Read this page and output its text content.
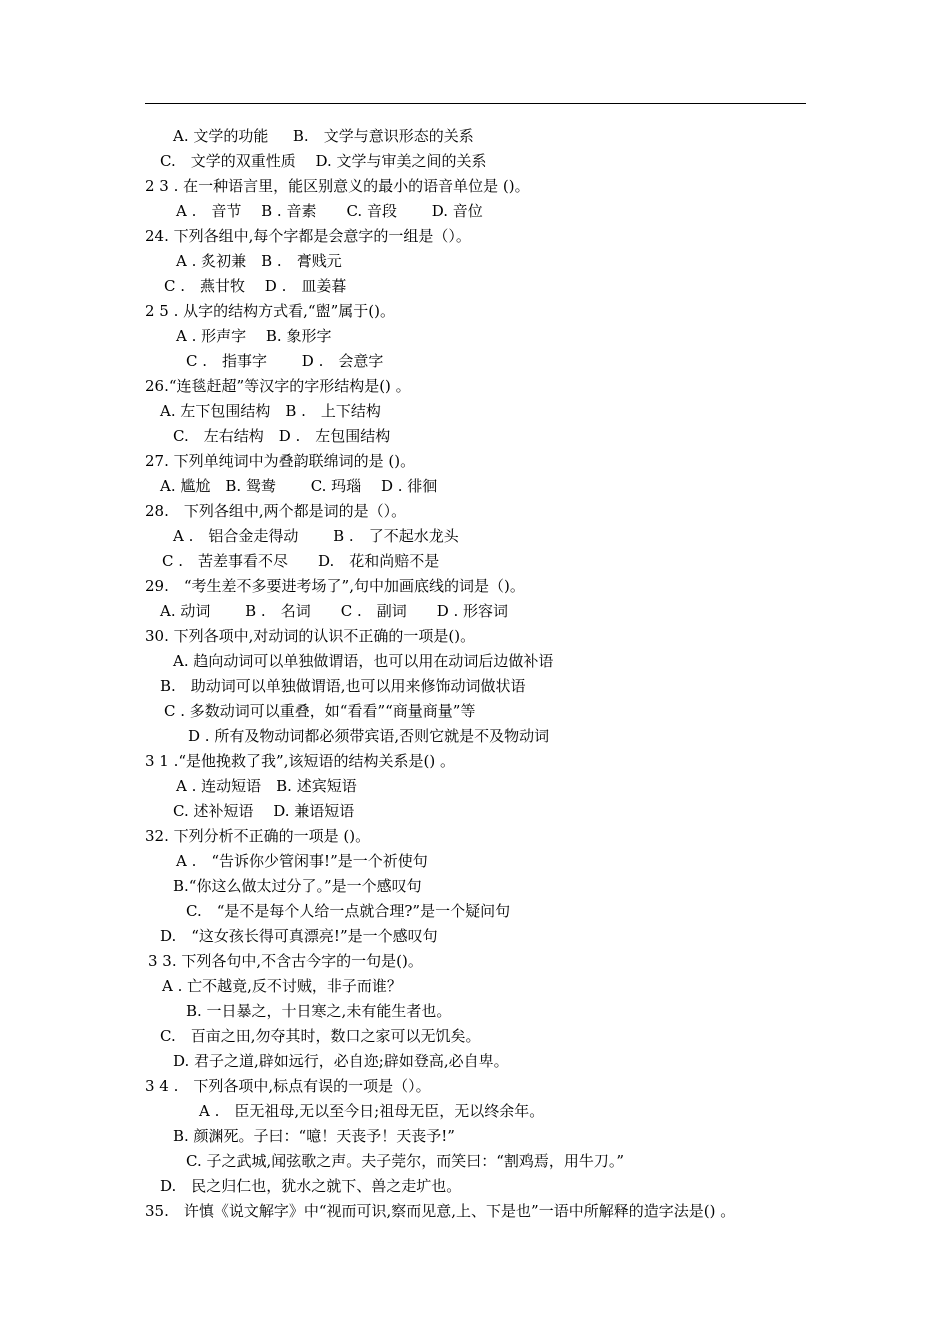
A. 文学的功能 　 B.　文学与意识形态的关系
C.　文学的双重性质　 D. 文学与审美之间的关系
2 3 . 在一种语言里，能区别意义的最小的语音单位是 ()。
A .　音节　 B . 音素　　C. 音段　　 D. 音位
24. 下列各组中,每个字都是会意字的一组是（）。
A . 炙初兼　B .　膏贱元
C .　燕甘牧　 D .　皿姜暮
2 5 . 从字的结构方式看,“盥”属于()。
A . 形声字　 B. 象形字
C .　指事字　　 D .　会意字
26.“连毯赶超”等汉字的字形结构是() 。
A. 左下包围结构　B .　上下结构
C.　左右结构　D .　左包围结构
27. 下列单纯词中为叠韵联绵词的是 ()。
A. 尴尬　B. 鸳鸯　　 C. 玛瑙　 D . 徘徊
28.　下列各组中,两个都是词的是（）。
A .　铝合金走得动　　 B .　了不起水龙头
C .　苦差事看不尽　　D.　花和尚赔不是
29.　“考生差不多要进考场了”,句中加画底线的词是（)。
A. 动词　　 B .　名词　　C .　副词　　D . 形容词
30. 下列各项中,对动词的认识不正确的一项是()。
A. 趋向动词可以单独做谓语，也可以用在动词后边做补语
B.　助动词可以单独做谓语,也可以用来修饰动词做状语
C . 多数动词可以重叠，如“看看”“商量商量”等
D . 所有及物动词都必须带宾语,否则它就是不及物动词
3 1 .“是他挽救了我”,该短语的结构关系是() 。
A . 连动短语　B. 述宾短语
C. 述补短语　 D. 兼语短语
32. 下列分析不正确的一项是 ()。
A .　“告诉你少管闲事!”是一个祈使句
B.“你这么做太过分了。”是一个感叹句
C.　“是不是每个人给一点就合理?”是一个疑问句
D.　“这女孩长得可真漂亮!”是一个感叹句
3 3. 下列各句中,不含古今字的一句是()。
A . 亡不越竟,反不讨贼，非子而谁？
B. 一日暴之，十日寒之,未有能生者也。
C.　百亩之田,勿夺其时，数口之家可以无饥矣。
D. 君子之道,辟如远行，必自迩;辟如登高,必自卑。
3 4 .　下列各项中,标点有误的一项是（）。
A .　臣无祖母,无以至今日;祖母无臣，无以终余年。
B. 颜渊死。子曰：“噫！天丧予！天丧予!”
C. 子之武城,闻弦歌之声。夫子莞尔，而笑曰：“割鸡焉，用牛刀。”
D.　民之归仁也，犹水之就下、兽之走圹也。
35.　许慎《说文解字》中“视而可识,察而见意,上、下是也”一语中所解释的造字法是() 。
